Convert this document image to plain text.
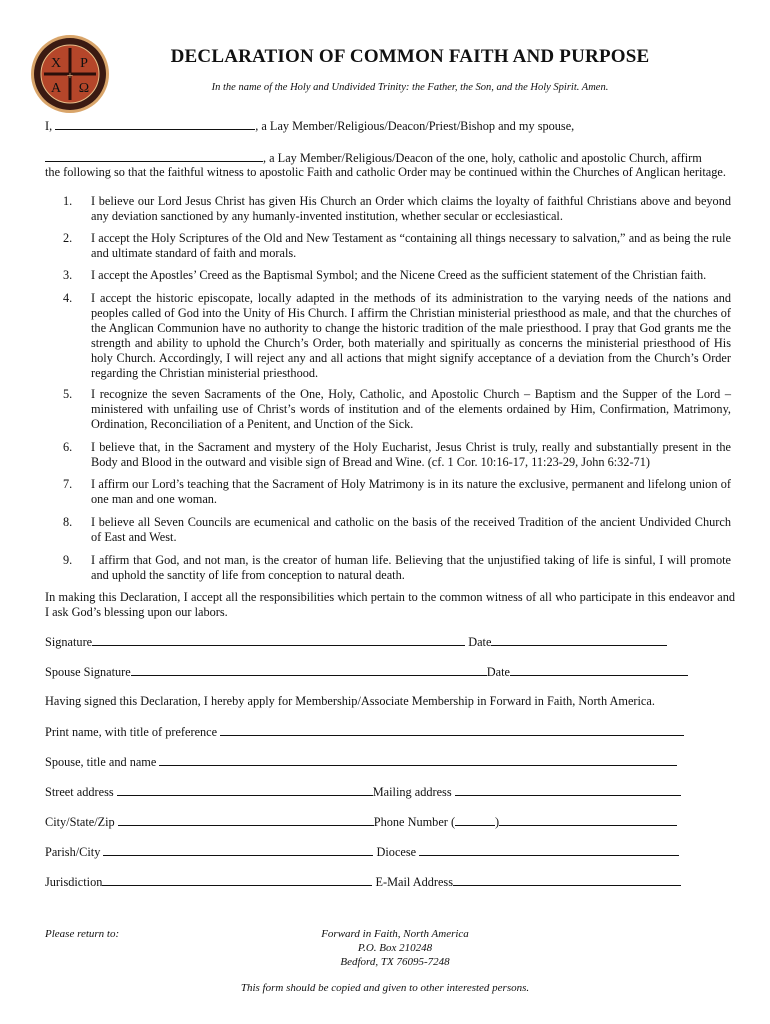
X P
A Ω
+
DECLARATION OF COMMON FAITH AND PURPOSE
In the name of the Holy and Undivided Trinity: the Father, the Son, and the Holy Spirit. Amen.
I,	, a Lay Member/Religious/Deacon/Priest/Bishop and my spouse,
, a Lay Member/Religious/Deacon of the one, holy, catholic and apostolic Church, affirm
the following so that the faithful witness to apostolic Faith and catholic Order may be continued within the Churches of Anglican heritage.
1. I believe our Lord Jesus Christ has given His Church an Order which claims the loyalty of faithful Christians above and beyond any deviation sanctioned by any humanly-invented institution, whether secular or ecclesiastical.
2. I accept the Holy Scriptures of the Old and New Testament as “containing all things necessary to salvation,” and as being the rule and ultimate standard of faith and morals.
3. I accept the Apostles’ Creed as the Baptismal Symbol; and the Nicene Creed as the sufficient statement of the Christian faith.
4. I accept the historic episcopate, locally adapted in the methods of its administration to the varying needs of the nations and peoples called of God into the Unity of His Church. I affirm the Christian ministerial priesthood as male, and that the churches of the Anglican Communion have no authority to change the historic tradition of the male priesthood. I pray that God grants me the strength and ability to uphold the Church’s Order, both materially and spiritually as concerns the ministerial priesthood of His holy Church. Accordingly, I will reject any and all actions that might signify acceptance of a deviation from the Church’s Order regarding the Christian ministerial priesthood.
5. I recognize the seven Sacraments of the One, Holy, Catholic, and Apostolic Church – Baptism and the Supper of the Lord – ministered with unfailing use of Christ’s words of institution and of the elements ordained by Him, Confirmation, Matrimony, Ordination, Reconciliation of a Penitent, and Unction of the Sick.
6. I believe that, in the Sacrament and mystery of the Holy Eucharist, Jesus Christ is truly, really and substantially present in the Body and Blood in the outward and visible sign of Bread and Wine. (cf. 1 Cor. 10:16-17, 11:23-29, John 6:32-71)
7. I affirm our Lord’s teaching that the Sacrament of Holy Matrimony is in its nature the exclusive, permanent and lifelong union of one man and one woman.
8. I believe all Seven Councils are ecumenical and catholic on the basis of the received Tradition of the ancient Undivided Church of East and West.
9. I affirm that God, and not man, is the creator of human life. Believing that the unjustified taking of life is sinful, I will promote and uphold the sanctity of life from conception to natural death.
In making this Declaration, I accept all the responsibilities which pertain to the common witness of all who participate in this endeavor and I ask God’s blessing upon our labors.
Signature	Date
Spouse Signature	Date
Having signed this Declaration, I hereby apply for Membership/Associate Membership in Forward in Faith, North America.
Print name, with title of preference
Spouse, title and name
Street address	Mailing address
City/State/Zip	Phone Number (	)
Parish/City	Diocese
Jurisdiction	E-Mail Address
Please return to:	Forward in Faith, North America
P.O. Box 210248
Bedford, TX 76095-7248
This form should be copied and given to other interested persons.
